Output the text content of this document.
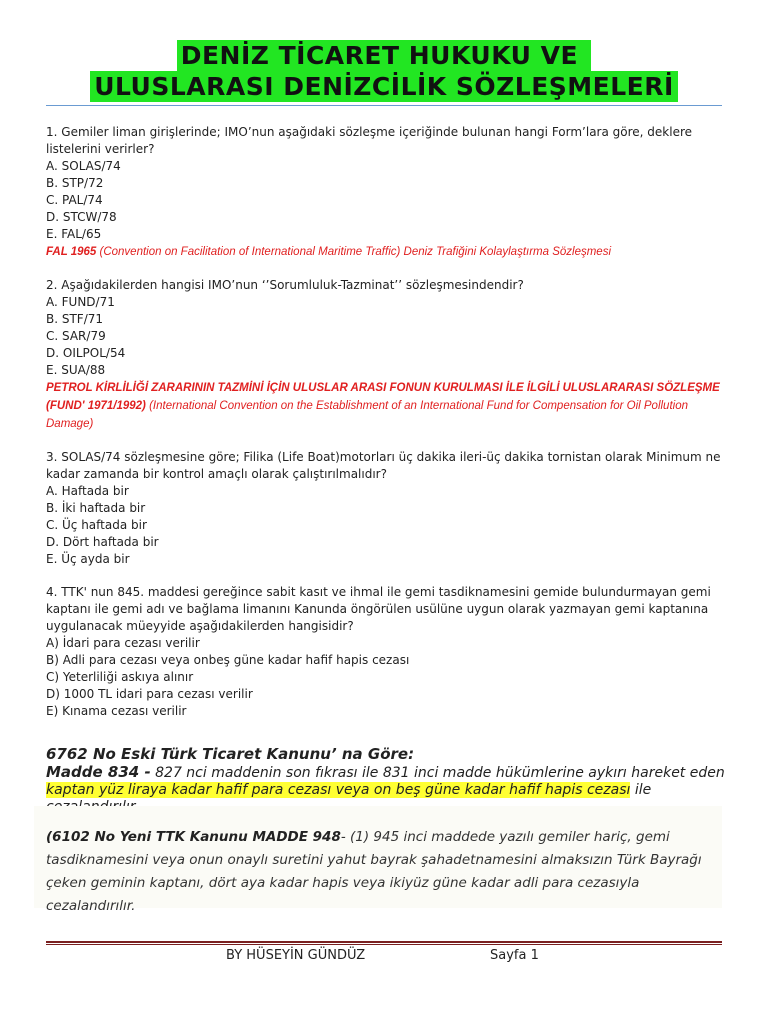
DENİZ TİCARET HUKUKU VE
ULUSLARASI DENİZCİLİK SÖZLEŞMELERİ

1. Gemiler liman girişlerinde; IMO’nun aşağıdaki sözleşme içeriğinde bulunan hangi Form’lara göre, deklere listelerini verirler?

A. SOLAS/74

B. STP/72

C. PAL/74

D. STCW/78

E. FAL/65

FAL 1965 (Convention on Facilitation of International Maritime Traffic) Deniz Trafiğini Kolaylaştırma Sözleşmesi

2. Aşağıdakilerden hangisi IMO’nun ‘’Sorumluluk-Tazminat’’ sözleşmesindendir?

A. FUND/71

B. STF/71

C. SAR/79

D. OILPOL/54

E. SUA/88

PETROL KİRLİLİĞİ ZARARININ TAZMİNİ İÇİN ULUSLAR ARASI FONUN KURULMASI İLE İLGİLİ ULUSLARARASI SÖZLEŞME (FUND' 1971/1992) (International Convention on the Establishment of an International Fund for Compensation for Oil Pollution Damage)

3. SOLAS/74 sözleşmesine göre; Filika (Life Boat)motorları üç dakika ileri-üç dakika tornistan olarak Minimum ne kadar zamanda bir kontrol amaçlı olarak çalıştırılmalıdır?

A. Haftada bir

B. İki haftada bir

C. Üç haftada bir

D. Dört haftada bir

E. Üç ayda bir

4. TTK' nun 845. maddesi gereğince sabit kasıt ve ihmal ile gemi tasdiknamesini gemide bulundurmayan gemi kaptanı ile gemi adı ve bağlama limanını Kanunda öngörülen usülüne uygun olarak yazmayan gemi kaptanına uygulanacak müeyyide aşağıdakilerden hangisidir?

A) İdari para cezası verilir

B) Adli para cezası veya onbeş güne kadar hafif hapis cezası

C) Yeterliliği askıya alınır

D) 1000 TL idari para cezası verilir

E) Kınama cezası verilir

6762 No Eski Türk Ticaret Kanunu’ na Göre:

Madde 834 - 827 nci maddenin son fıkrası ile 831 inci madde hükümlerine aykırı hareket eden kaptan yüz liraya kadar hafif para cezası veya on beş güne kadar hafif hapis cezası ile

(6102 No Yeni TTK Kanunu MADDE 948- (1) 945 inci maddede yazılı gemiler hariç, gemi tasdiknamesini veya onun onaylı suretini yahut bayrak şahadetnamesini almaksızın Türk Bayrağı çeken geminin kaptanı, dört aya kadar hapis veya ikiyüz güne kadar adli para cezasıyla cezalandırılır.
BY HÜSEYİN GÜNDÜZ	Sayfa 1
